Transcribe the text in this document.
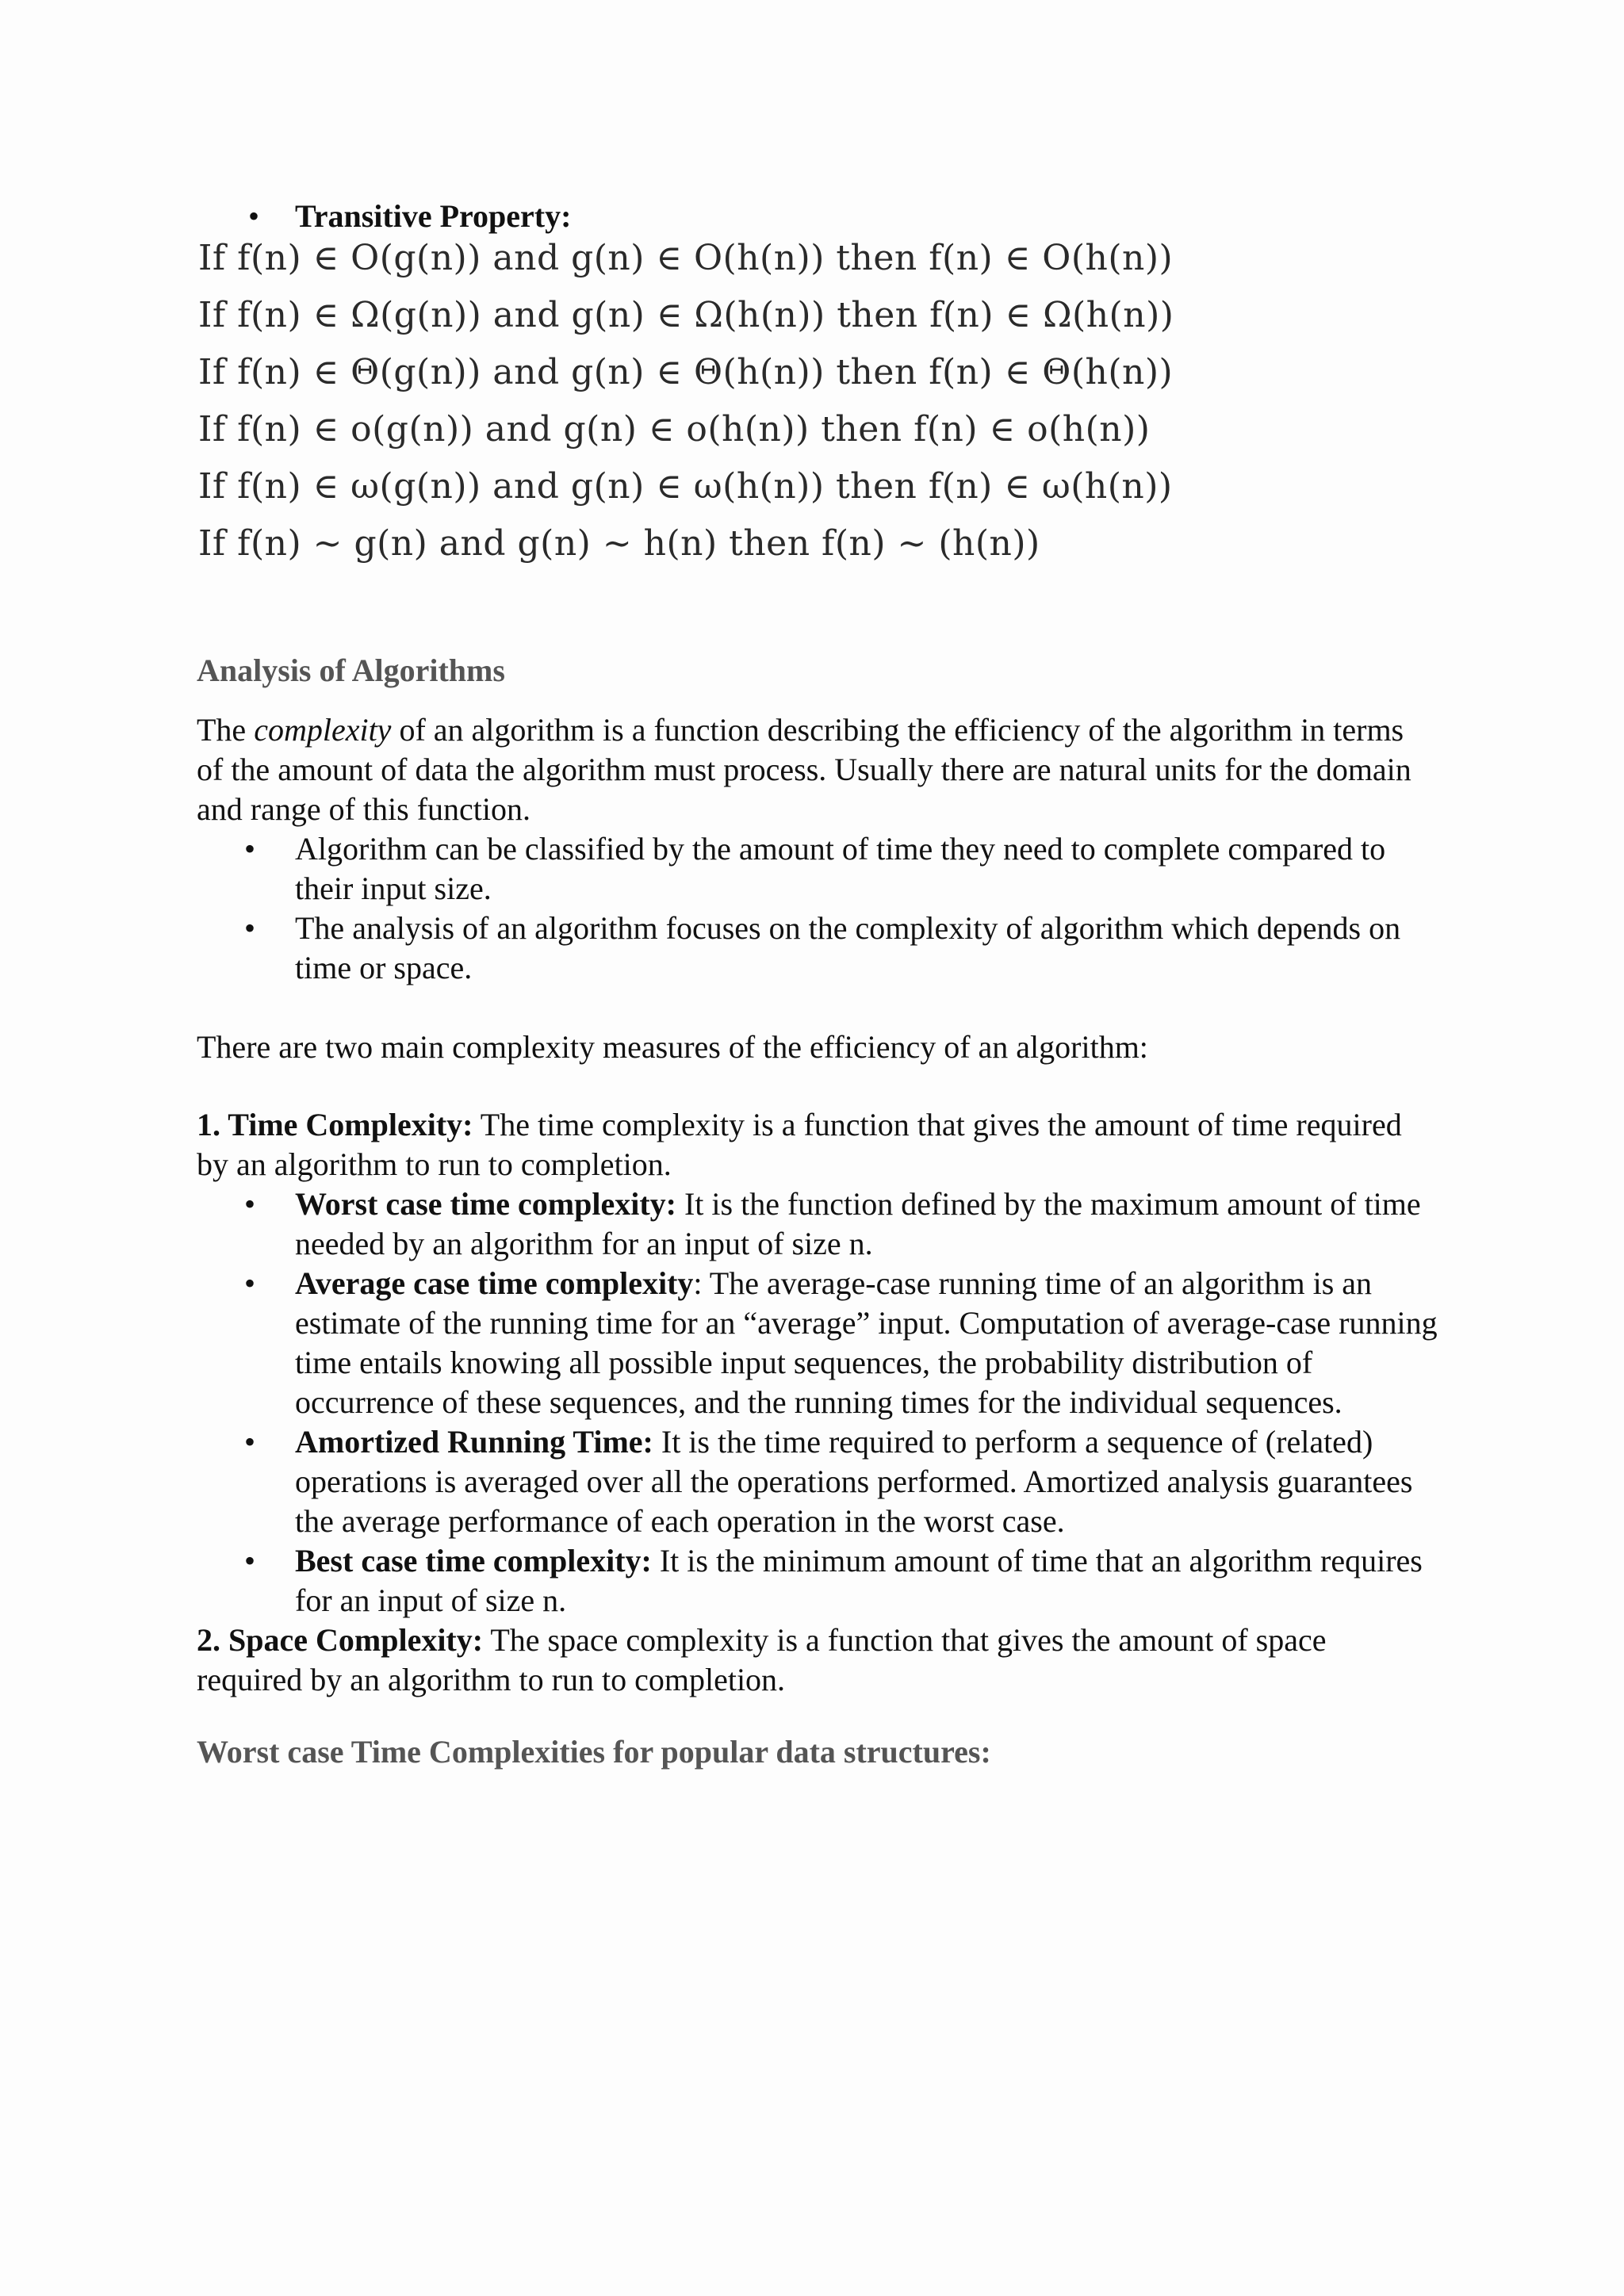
•	Transitive Property:
If f(n) ∈ O(g(n)) and g(n) ∈ O(h(n)) then f(n) ∈ O(h(n))
If f(n) ∈ Ω(g(n)) and g(n) ∈ Ω(h(n)) then f(n) ∈ Ω(h(n))
If f(n) ∈ Θ(g(n)) and g(n) ∈ Θ(h(n)) then f(n) ∈ Θ(h(n))
If f(n) ∈ o(g(n)) and g(n) ∈ o(h(n)) then f(n) ∈ o(h(n))
If f(n) ∈ ω(g(n)) and g(n) ∈ ω(h(n)) then f(n) ∈ ω(h(n))
If f(n) ~ g(n) and g(n) ~ h(n) then f(n) ~ (h(n))
Analysis of Algorithms
The complexity of an algorithm is a function describing the efficiency of the algorithm in terms of the amount of data the algorithm must process. Usually there are natural units for the domain and range of this function.
• Algorithm can be classified by the amount of time they need to complete compared to their input size.
• The analysis of an algorithm focuses on the complexity of algorithm which depends on time or space.
There are two main complexity measures of the efficiency of an algorithm:
1. Time Complexity: The time complexity is a function that gives the amount of time required by an algorithm to run to completion.
• Worst case time complexity: It is the function defined by the maximum amount of time needed by an algorithm for an input of size n.
• Average case time complexity: The average-case running time of an algorithm is an estimate of the running time for an “average” input. Computation of average-case running time entails knowing all possible input sequences, the probability distribution of occurrence of these sequences, and the running times for the individual sequences.
• Amortized Running Time: It is the time required to perform a sequence of (related) operations is averaged over all the operations performed. Amortized analysis guarantees the average performance of each operation in the worst case.
• Best case time complexity: It is the minimum amount of time that an algorithm requires for an input of size n.
2. Space Complexity: The space complexity is a function that gives the amount of space required by an algorithm to run to completion.
Worst case Time Complexities for popular data structures:
